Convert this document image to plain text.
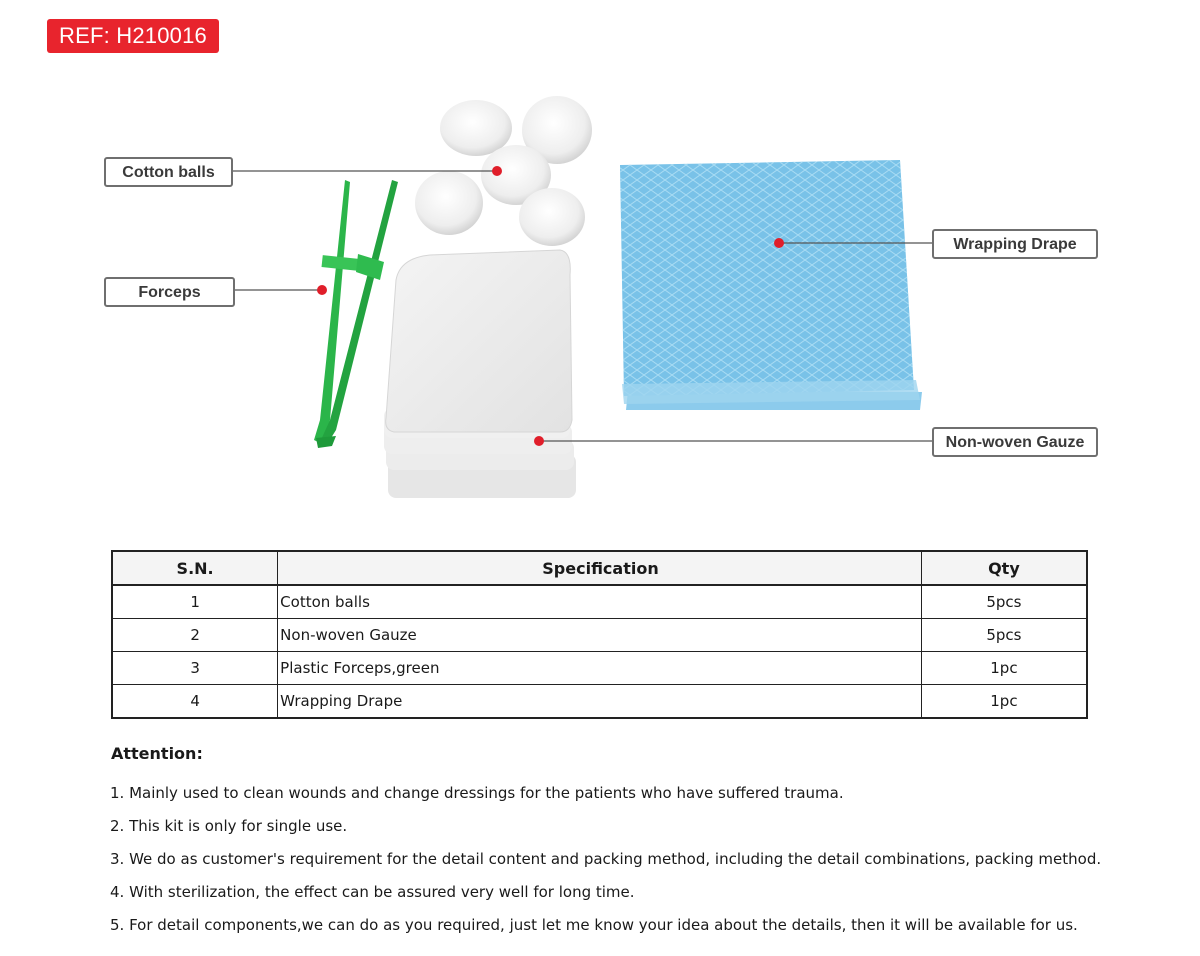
REF: H210016
Cotton balls
Forceps
Wrapping Drape
Non-woven Gauze
S.N.	Specification	Qty
1	Cotton balls	5pcs
2	Non-woven Gauze	5pcs
3	Plastic Forceps,green	1pc
4	Wrapping Drape	1pc
Attention:
1. Mainly used to clean wounds and change dressings for the patients who have suffered trauma.
2. This kit is only for single use.
3. We do as customer's requirement for the detail content and packing method, including the detail combinations, packing method.
4. With sterilization, the effect can be assured very well for long time.
5. For detail components,we can do as you required, just let me know your idea about the details, then it will be available for us.
